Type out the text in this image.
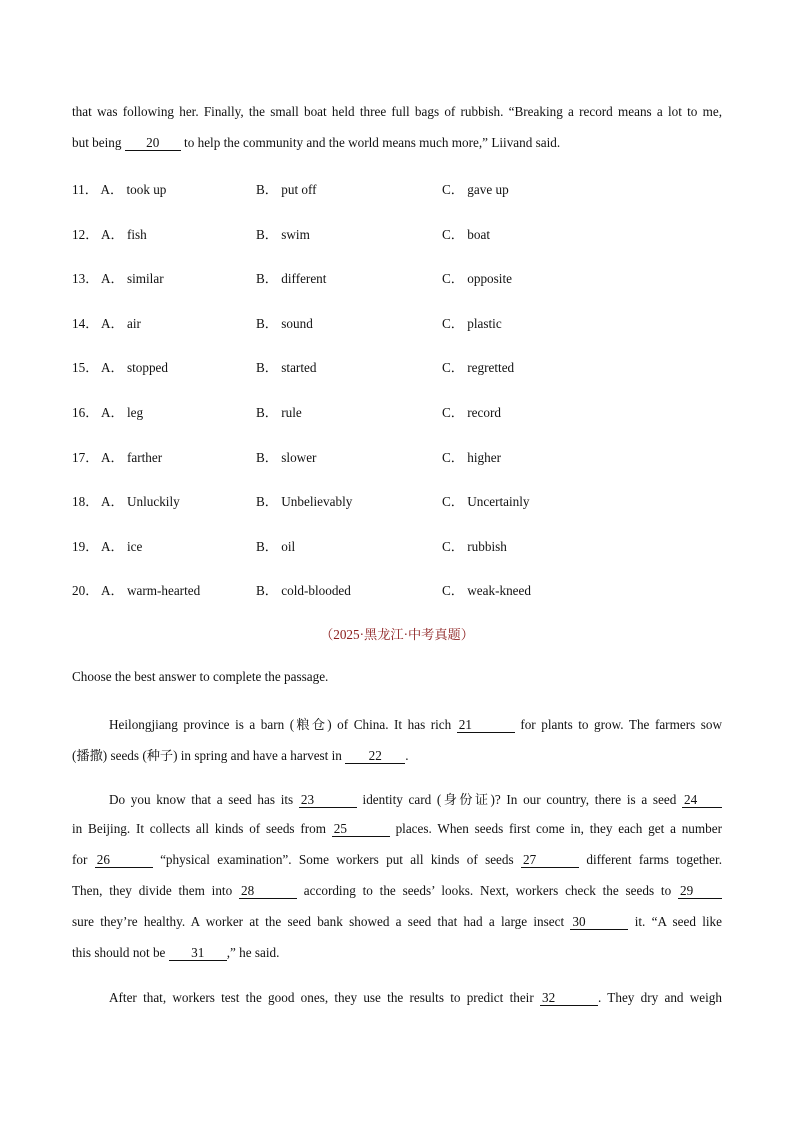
that was following her. Finally, the small boat held three full bags of rubbish. “Breaking a record means a lot to me,
but being 20 to help the community and the world means much more,” Liivand said.
11． A． took up	B． put off	C． gave up
12． A． fish	B． swim	C． boat
13． A． similar	B． different	C． opposite
14． A． air	B． sound	C． plastic
15． A． stopped	B． started	C． regretted
16． A． leg	B． rule	C． record
17． A． farther	B． slower	C． higher
18． A． Unluckily	B． Unbelievably	C． Uncertainly
19． A． ice	B． oil	C． rubbish
20． A． warm-hearted	B． cold-blooded	C． weak-kneed
（2025·黑龙江·中考真题）
Choose the best answer to complete the passage.
Heilongjiang province is a barn (粮仓) of China. It has rich 21	for plants to grow. The farmers sow
(播撒) seeds (种子) in spring and have a harvest in 22 .
Do you know that a seed has its 23	identity card (身份证)? In our country, there is a seed 24
in Beijing. It collects all kinds of seeds from 25	places. When seeds first come in, they each get a number
for 26	“physical examination”. Some workers put all kinds of seeds 27	different farms together.
Then, they divide them into 28	according to the seeds’ looks. Next, workers check the seeds to 29
sure they’re healthy. A worker at the seed bank showed a seed that had a large insect 30	it. “A seed like
this should not be 31 ,” he said.
After that, workers test the good ones, they use the results to predict their 32	. They dry and weigh
